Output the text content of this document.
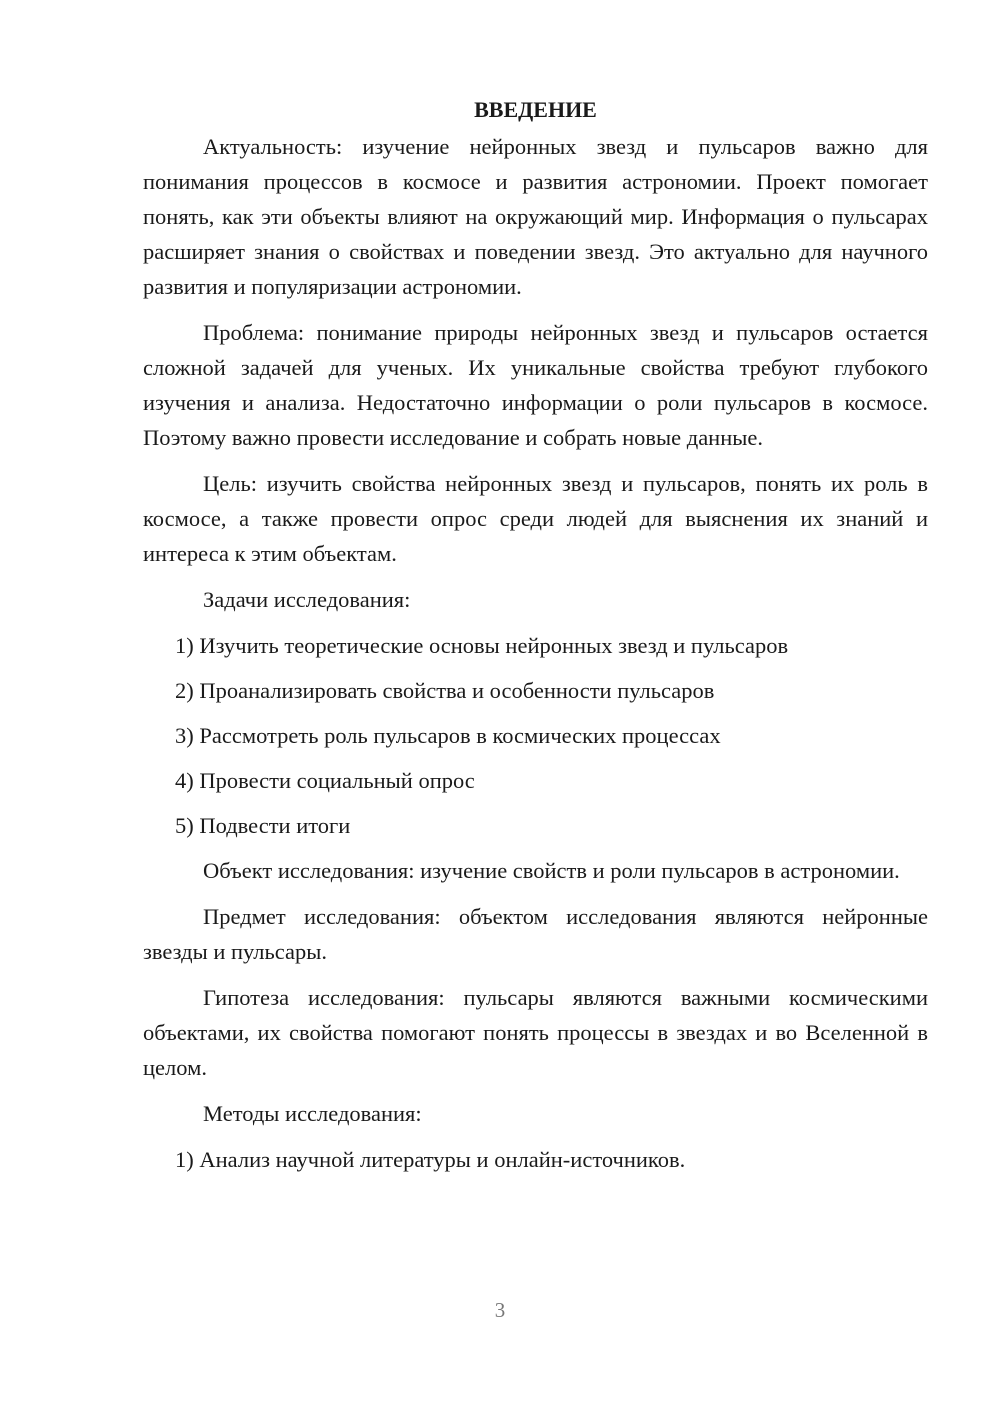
ВВЕДЕНИЕ

Актуальность: изучение нейронных звезд и пульсаров важно для понимания процессов в космосе и развития астрономии. Проект помогает понять, как эти объекты влияют на окружающий мир. Информация о пульсарах расширяет знания о свойствах и поведении звезд. Это актуально для научного развития и популяризации астрономии.

Проблема: понимание природы нейронных звезд и пульсаров остается сложной задачей для ученых. Их уникальные свойства требуют глубокого изучения и анализа. Недостаточно информации о роли пульсаров в космосе. Поэтому важно провести исследование и собрать новые данные.

Цель: изучить свойства нейронных звезд и пульсаров, понять их роль в космосе, а также провести опрос среди людей для выяснения их знаний и интереса к этим объектам.

Задачи исследования:

1) Изучить теоретические основы нейронных звезд и пульсаров
2) Проанализировать свойства и особенности пульсаров
3) Рассмотреть роль пульсаров в космических процессах
4) Провести социальный опрос
5) Подвести итоги

Объект исследования: изучение свойств и роли пульсаров в астрономии.

Предмет исследования: объектом исследования являются нейронные звезды и пульсары.

Гипотеза исследования: пульсары являются важными космическими объектами, их свойства помогают понять процессы в звездах и во Вселенной в целом.

Методы исследования:

1) Анализ научной литературы и онлайн-источников.
3
